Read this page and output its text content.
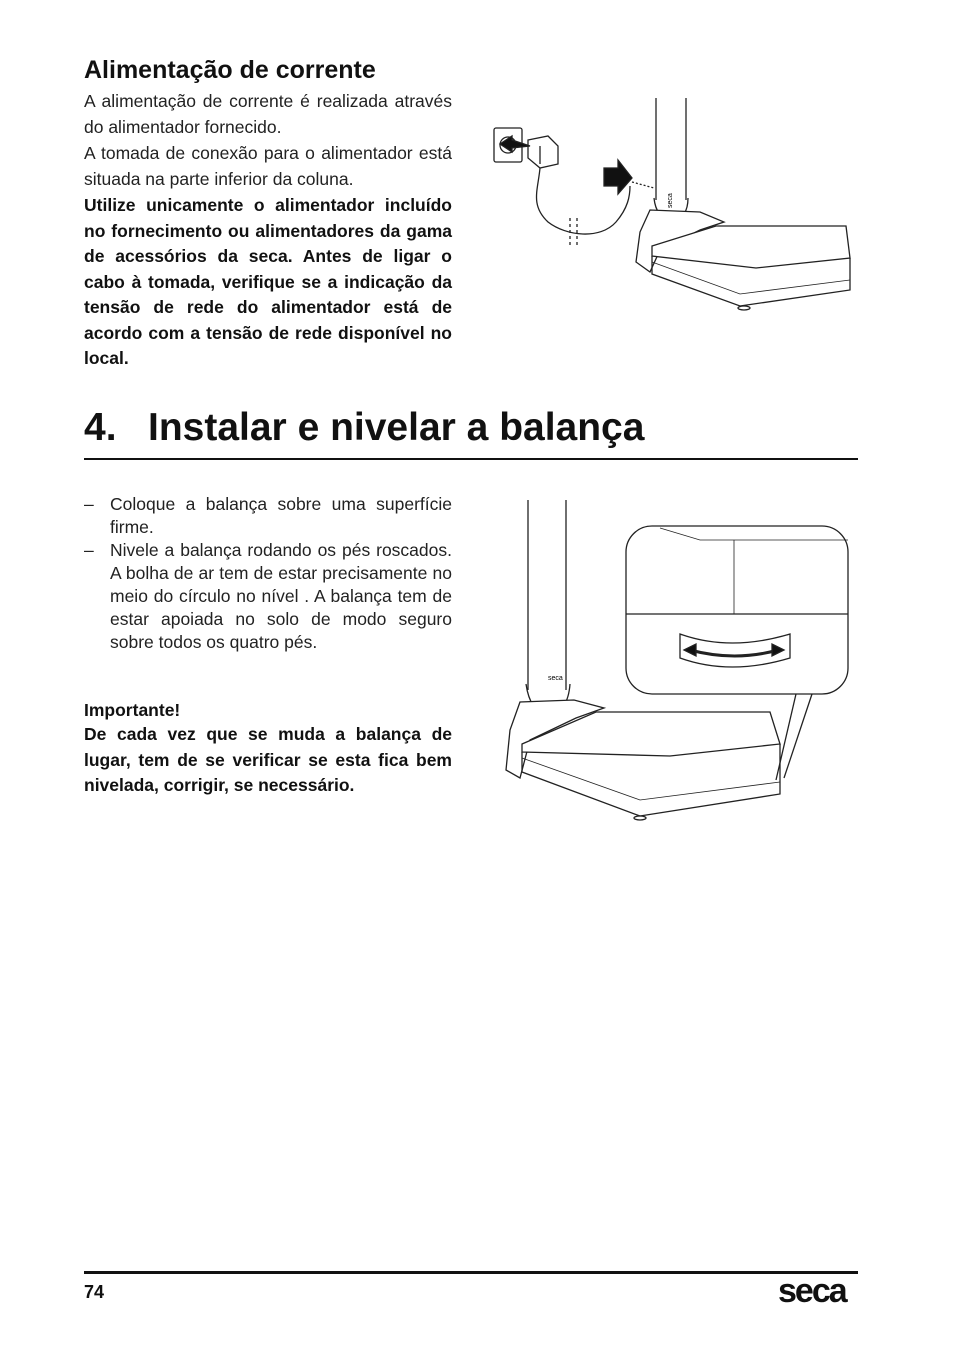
Alimentação de corrente

A alimentação de corrente é realizada através do alimentador fornecido.

A tomada de conexão para o alimentador está situada na parte inferior da coluna.

Utilize unicamente o alimentador incluído no fornecimento ou alimentadores da gama de acessórios da seca. Antes de ligar o cabo à tomada, verifique se a indicação da tensão de rede do alimentador está de acordo com a tensão de rede disponível no local.

seca
4. Instalar e nivelar a balança
– Coloque a balança sobre uma superfície firme.
– Nivele a balança rodando os pés roscados. A bolha de ar tem de estar precisamente no meio do círculo no nível . A balança tem de estar apoiada no solo de modo seguro sobre todos os quatro pés.

Importante!

De cada vez que se muda a balança de lugar, tem de se verificar se esta fica bem nivelada, corrigir, se necessário.

seca
74	seca
